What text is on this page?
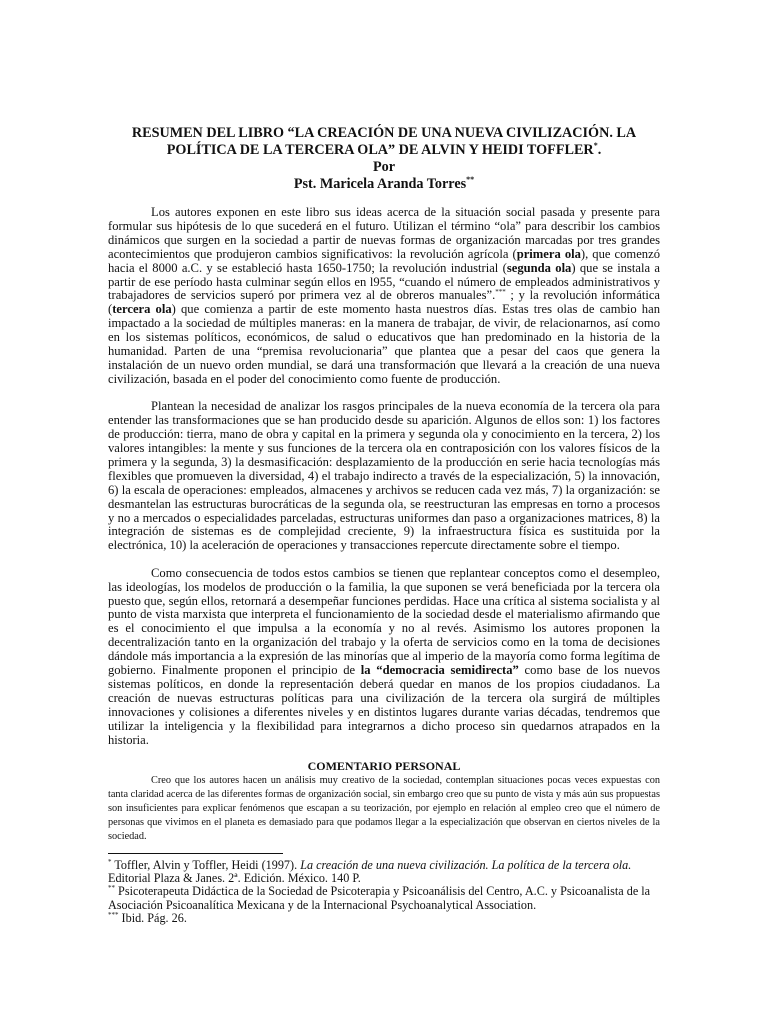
RESUMEN DEL LIBRO “LA CREACIÓN DE UNA NUEVA CIVILIZACIÓN. LA
POLÍTICA DE LA TERCERA OLA” DE ALVIN Y HEIDI TOFFLER*.

Por

Pst. Maricela Aranda Torres**

Los autores exponen en este libro sus ideas acerca de la situación social pasada y presente para formular sus hipótesis de lo que sucederá en el futuro. Utilizan el término “ola” para describir los cambios dinámicos que surgen en la sociedad a partir de nuevas formas de organización marcadas por tres grandes acontecimientos que produjeron cambios significativos: la revolución agrícola (primera ola), que comenzó hacia el 8000 a.C. y se estableció hasta 1650-1750; la revolución industrial (segunda ola) que se instala a partir de ese período hasta culminar según ellos en l955, “cuando el número de empleados administrativos y trabajadores de servicios superó por primera vez al de obreros manuales”.*** ; y la revolución informática (tercera ola) que comienza a partir de este momento hasta nuestros días. Estas tres olas de cambio han impactado a la sociedad de múltiples maneras: en la manera de trabajar, de vivir, de relacionarnos, así como en los sistemas políticos, económicos, de salud o educativos que han predominado en la historia de la humanidad. Parten de una “premisa revolucionaria” que plantea que a pesar del caos que genera la instalación de un nuevo orden mundial, se dará una transformación que llevará a la creación de una nueva civilización, basada en el poder del conocimiento como fuente de producción.

Plantean la necesidad de analizar los rasgos principales de la nueva economía de la tercera ola para entender las transformaciones que se han producido desde su aparición. Algunos de ellos son: 1) los factores de producción: tierra, mano de obra y capital en la primera y segunda ola y conocimiento en la tercera, 2) los valores intangibles: la mente y sus funciones de la tercera ola en contraposición con los valores físicos de la primera y la segunda, 3) la desmasificación: desplazamiento de la producción en serie hacia tecnologías más flexibles que promueven la diversidad, 4) el trabajo indirecto a través de la especialización, 5) la innovación, 6) la escala de operaciones: empleados, almacenes y archivos se reducen cada vez más, 7) la organización: se desmantelan las estructuras burocráticas de la segunda ola, se reestructuran las empresas en torno a procesos y no a mercados o especialidades parceladas, estructuras uniformes dan paso a organizaciones matrices, 8) la integración de sistemas es de complejidad creciente, 9) la infraestructura física es sustituida por la electrónica, 10) la aceleración de operaciones y transacciones repercute directamente sobre el tiempo.

Como consecuencia de todos estos cambios se tienen que replantear conceptos como el desempleo, las ideologías, los modelos de producción o la familia, la que suponen se verá beneficiada por la tercera ola puesto que, según ellos, retornará a desempeñar funciones perdidas. Hace una crítica al sistema socialista y al punto de vista marxista que interpreta el funcionamiento de la sociedad desde el materialismo afirmando que es el conocimiento el que impulsa a la economía y no al revés. Asimismo los autores proponen la decentralización tanto en la organización del trabajo y la oferta de servicios como en la toma de decisiones dándole más importancia a la expresión de las minorías que al imperio de la mayoría como forma legítima de gobierno. Finalmente proponen el principio de la “democracia semidirecta” como base de los nuevos sistemas políticos, en donde la representación deberá quedar en manos de los propios ciudadanos. La creación de nuevas estructuras políticas para una civilización de la tercera ola surgirá de múltiples innovaciones y colisiones a diferentes niveles y en distintos lugares durante varias décadas, tendremos que utilizar la inteligencia y la flexibilidad para integrarnos a dicho proceso sin quedarnos atrapados en la historia.

COMENTARIO PERSONAL

Creo que los autores hacen un análisis muy creativo de la sociedad, contemplan situaciones pocas veces expuestas con tanta claridad acerca de las diferentes formas de organización social, sin embargo creo que su punto de vista y más aún sus propuestas son insuficientes para explicar fenómenos que escapan a su teorización, por ejemplo en relación al empleo creo que el número de personas que vivimos en el planeta es demasiado para que podamos llegar a la especialización que observan en ciertos niveles de la sociedad.

* Toffler, Alvin y Toffler, Heidi (1997). La creación de una nueva civilización. La política de la tercera ola. Editorial Plaza & Janes. 2ª. Edición. México. 140 P.

** Psicoterapeuta Didáctica de la Sociedad de Psicoterapia y Psicoanálisis del Centro, A.C. y Psicoanalista de la Asociación Psicoanalítica Mexicana y de la Internacional Psychoanalytical Association.

*** Ibid. Pág. 26.
